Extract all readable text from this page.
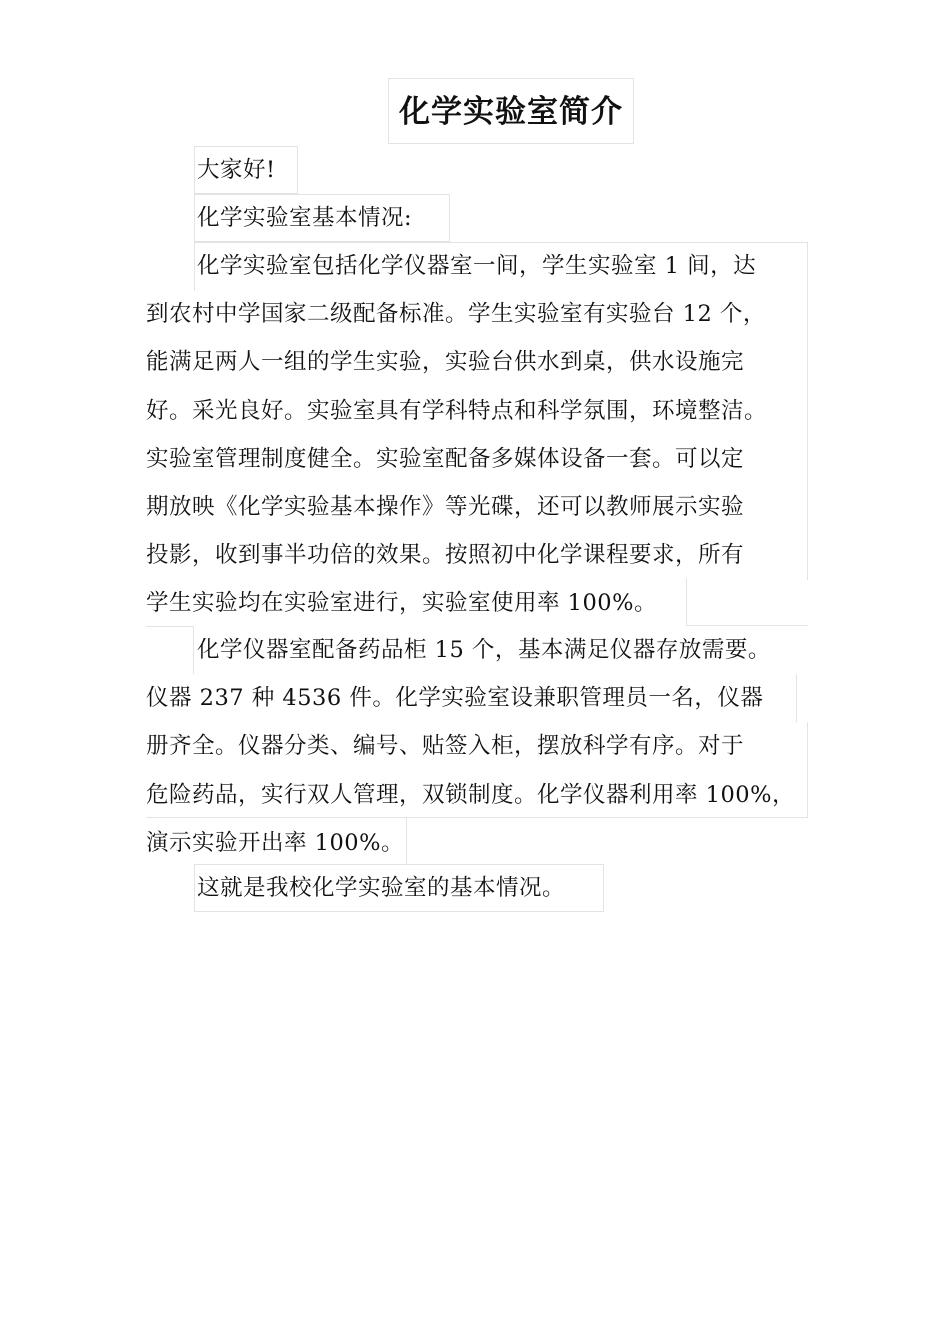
化学实验室简介
大家好!
化学实验室基本情况:
化学实验室包括化学仪器室一间，学生实验室 1 间，达
到农村中学国家二级配备标准。学生实验室有实验台 12 个，
能满足两人一组的学生实验，实验台供水到桌，供水设施完
好。采光良好。实验室具有学科特点和科学氛围，环境整洁。
实验室管理制度健全。实验室配备多媒体设备一套。可以定
期放映《化学实验基本操作》等光碟，还可以教师展示实验
投影，收到事半功倍的效果。按照初中化学课程要求，所有
学生实验均在实验室进行，实验室使用率 100%。
化学仪器室配备药品柜 15 个，基本满足仪器存放需要。
仪器 237 种 4536 件。化学实验室设兼职管理员一名，仪器
册齐全。仪器分类、编号、贴签入柜，摆放科学有序。对于
危险药品，实行双人管理，双锁制度。化学仪器利用率 100%，
演示实验开出率 100%。
这就是我校化学实验室的基本情况。
